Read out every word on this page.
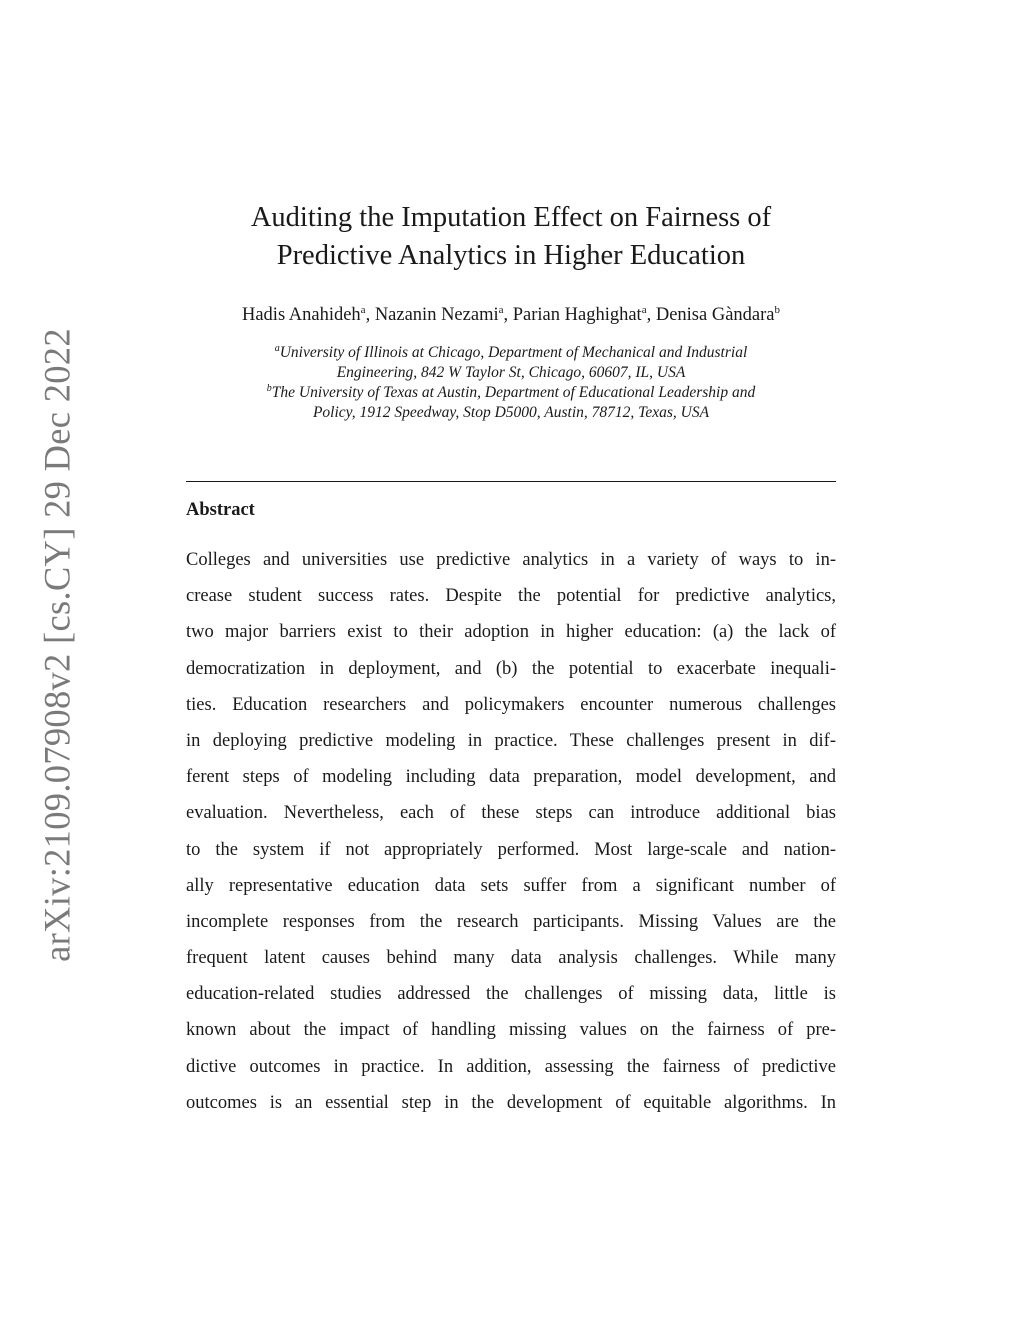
arXiv:2109.07908v2 [cs.CY] 29 Dec 2022
Auditing the Imputation Effect on Fairness of
Predictive Analytics in Higher Education
Hadis Anahideh$^a$, Nazanin Nezami$^a$, Parian Haghighat$^a$, Denisa Gàndara$^b$
$^a$University of Illinois at Chicago, Department of Mechanical and Industrial
Engineering, 842 W Taylor St, Chicago, 60607, IL, USA
$^b$The University of Texas at Austin, Department of Educational Leadership and
Policy, 1912 Speedway, Stop D5000, Austin, 78712, Texas, USA
Abstract
Colleges and universities use predictive analytics in a variety of ways to in-
crease student success rates. Despite the potential for predictive analytics,
two major barriers exist to their adoption in higher education: (a) the lack of
democratization in deployment, and (b) the potential to exacerbate inequali-
ties. Education researchers and policymakers encounter numerous challenges
in deploying predictive modeling in practice. These challenges present in dif-
ferent steps of modeling including data preparation, model development, and
evaluation. Nevertheless, each of these steps can introduce additional bias
to the system if not appropriately performed. Most large-scale and nation-
ally representative education data sets suffer from a significant number of
incomplete responses from the research participants. Missing Values are the
frequent latent causes behind many data analysis challenges. While many
education-related studies addressed the challenges of missing data, little is
known about the impact of handling missing values on the fairness of pre-
dictive outcomes in practice. In addition, assessing the fairness of predictive
outcomes is an essential step in the development of equitable algorithms. In
